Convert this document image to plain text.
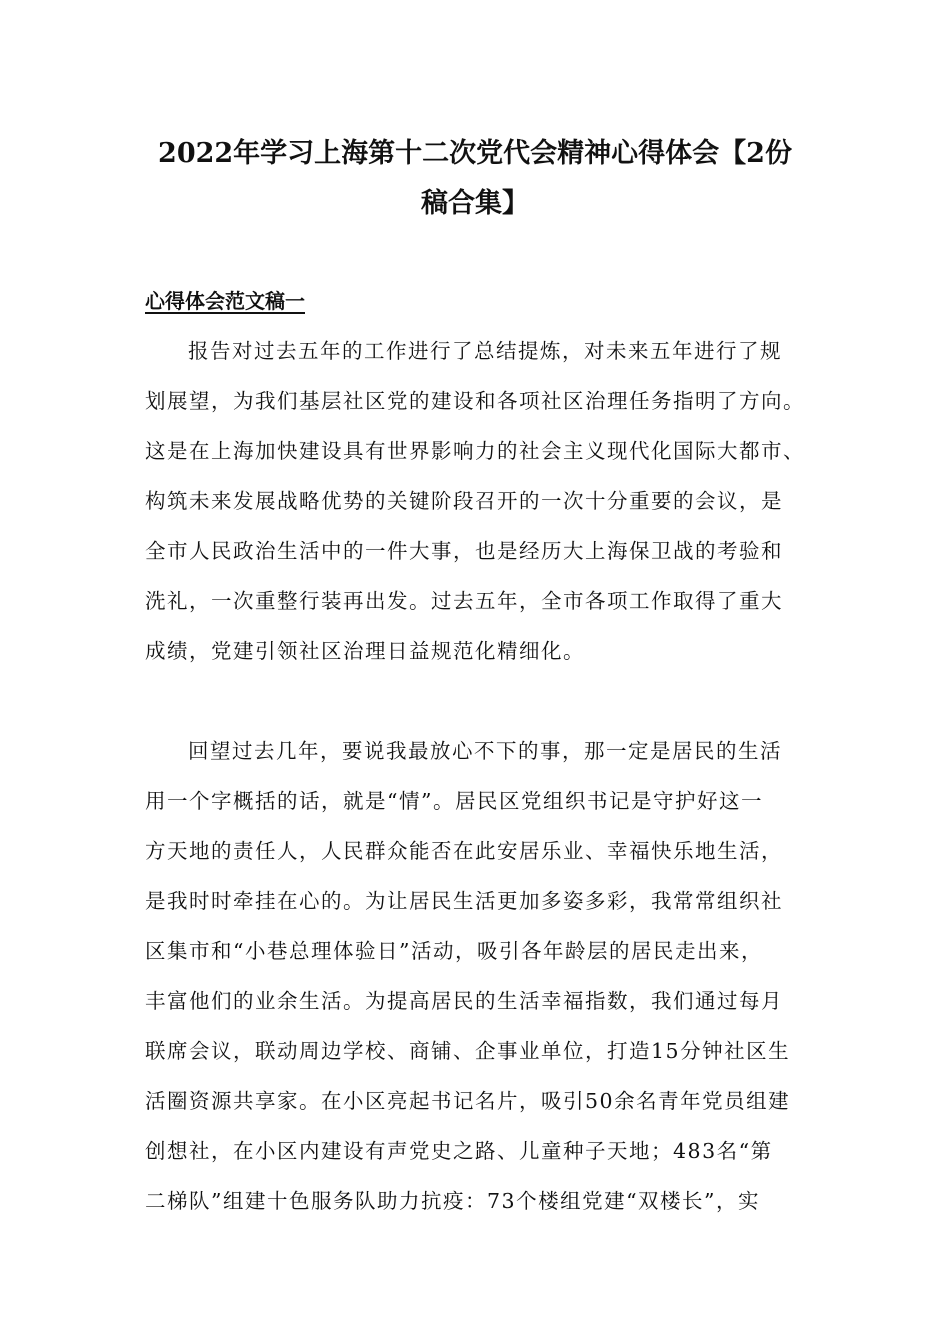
2022年学习上海第十二次党代会精神心得体会【2份
稿合集】
心得体会范文稿一
报告对过去五年的工作进行了总结提炼，对未来五年进行了规
划展望，为我们基层社区党的建设和各项社区治理任务指明了方向。
这是在上海加快建设具有世界影响力的社会主义现代化国际大都市、
构筑未来发展战略优势的关键阶段召开的一次十分重要的会议，是
全市人民政治生活中的一件大事，也是经历大上海保卫战的考验和
洗礼，一次重整行装再出发。过去五年，全市各项工作取得了重大
成绩，党建引领社区治理日益规范化精细化。
回望过去几年，要说我最放心不下的事，那一定是居民的生活
用一个字概括的话，就是“情”。居民区党组织书记是守护好这一
方天地的责任人，人民群众能否在此安居乐业、幸福快乐地生活，
是我时时牵挂在心的。为让居民生活更加多姿多彩，我常常组织社
区集市和“小巷总理体验日”活动，吸引各年龄层的居民走出来，
丰富他们的业余生活。为提高居民的生活幸福指数，我们通过每月
联席会议，联动周边学校、商铺、企事业单位，打造15分钟社区生
活圈资源共享家。在小区亮起书记名片，吸引50余名青年党员组建
创想社，在小区内建设有声党史之路、儿童种子天地；483名“第
二梯队”组建十色服务队助力抗疫：73个楼组党建“双楼长”，实
